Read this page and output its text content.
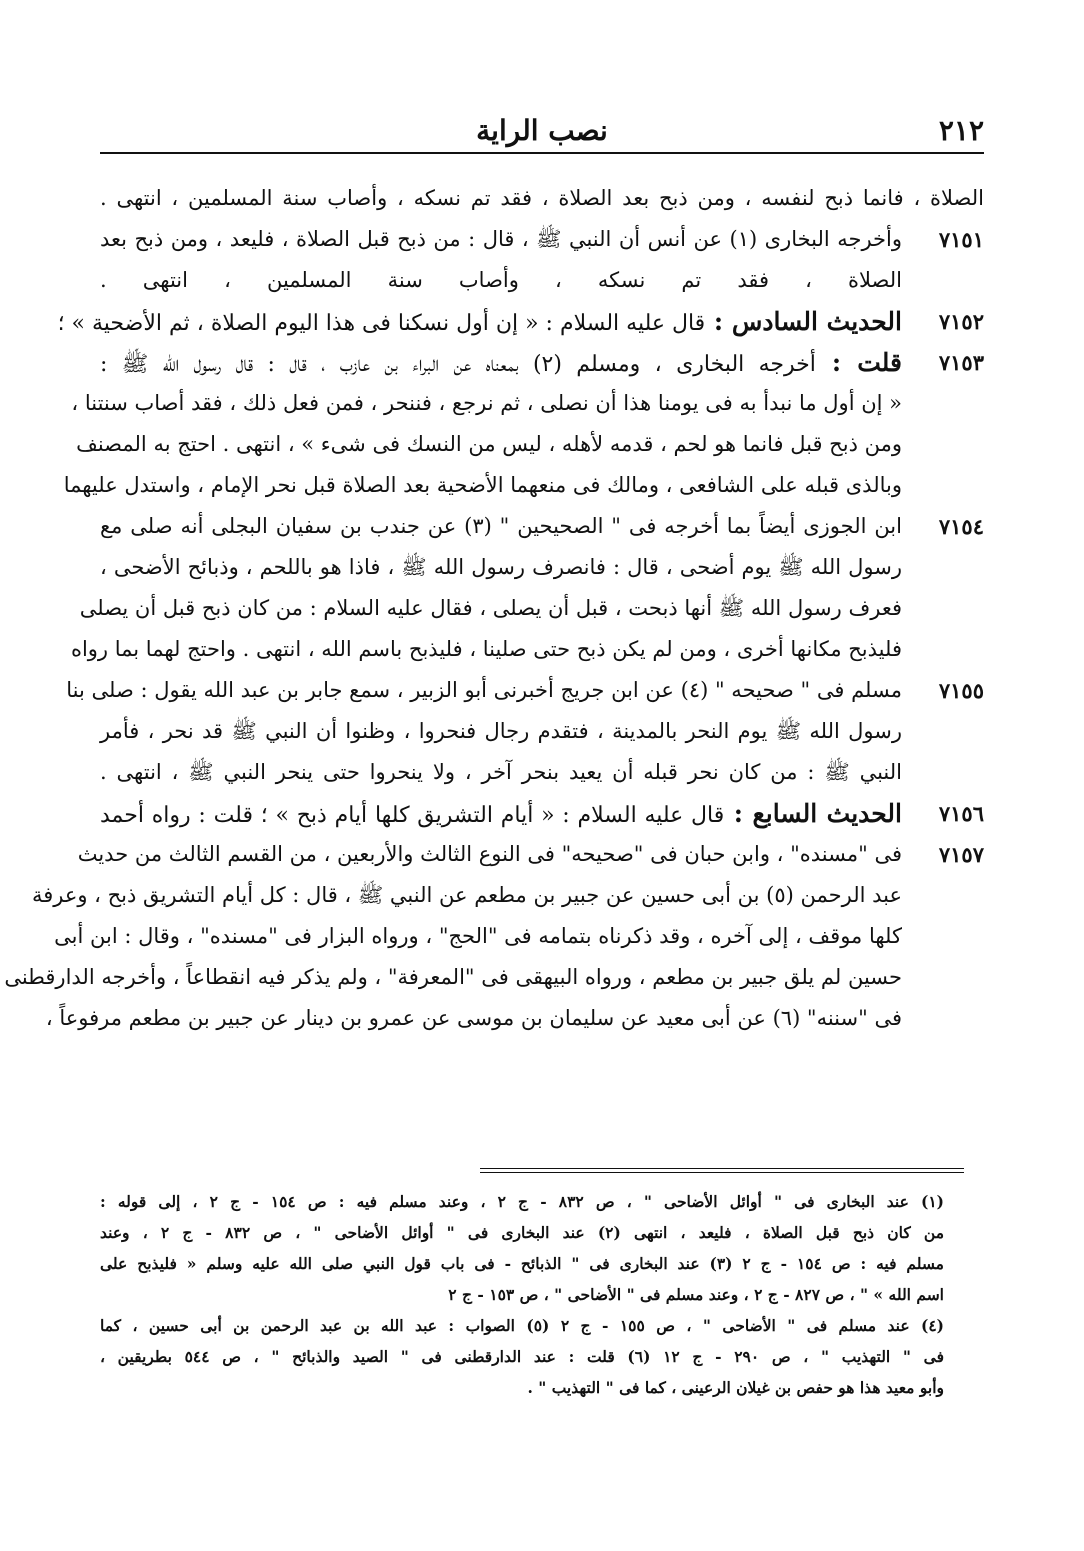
٢١٢
نصب الراية
الصلاة ، فانما ذبح لنفسه ، ومن ذبح بعد الصلاة ، فقد تم نسكه ، وأصاب سنة المسلمين ، انتهى .
٧١٥١
وأخرجه البخارى (١) عن أنس أن النبي ﷺ ، قال : من ذبح قبل الصلاة ، فليعد ، ومن ذبح بعد
الصلاة ، فقد تم نسكه ، وأصاب سنة المسلمين ، انتهى .
٧١٥٢
الحديث السادس : قال عليه السلام : « إن أول نسكنا فى هذا اليوم الصلاة ، ثم الأضحية » ؛
٧١٥٣
قلت : أخرجه البخارى ، ومسلم (٢) بمعناه عن البراء بن عازب ، قال : قال رسول الله ﷺ :
« إن أول ما نبدأ به فى يومنا هذا أن نصلى ، ثم نرجع ، فننحر ، فمن فعل ذلك ، فقد أصاب سنتنا ،
ومن ذبح قبل فانما هو لحم ، قدمه لأهله ، ليس من النسك فى شىء » ، انتهى . احتج به المصنف
وبالذى قبله على الشافعى ، ومالك فى منعهما الأضحية بعد الصلاة قبل نحر الإمام ، واستدل عليهما
٧١٥٤
ابن الجوزى أيضاً بما أخرجه فى " الصحيحين " (٣) عن جندب بن سفيان البجلى أنه صلى مع
رسول الله ﷺ يوم أضحى ، قال : فانصرف رسول الله ﷺ ، فاذا هو باللحم ، وذبائح الأضحى ،
فعرف رسول الله ﷺ أنها ذبحت ، قبل أن يصلى ، فقال عليه السلام : من كان ذبح قبل أن يصلى
فليذبح مكانها أخرى ، ومن لم يكن ذبح حتى صلينا ، فليذبح باسم الله ، انتهى . واحتج لهما بما رواه
٧١٥٥
مسلم فى " صحيحه " (٤) عن ابن جريج أخبرنى أبو الزبير ، سمع جابر بن عبد الله يقول : صلى بنا
رسول الله ﷺ يوم النحر بالمدينة ، فتقدم رجال فنحروا ، وظنوا أن النبي ﷺ قد نحر ، فأمر
النبي ﷺ : من كان نحر قبله أن يعيد بنحر آخر ، ولا ينحروا حتى ينحر النبي ﷺ ، انتهى .
٧١٥٦
الحديث السابع : قال عليه السلام : « أيام التشريق كلها أيام ذبح » ؛ قلت : رواه أحمد
٧١٥٧
فى "مسنده" ، وابن حبان فى "صحيحه" فى النوع الثالث والأربعين ، من القسم الثالث من حديث
عبد الرحمن (٥) بن أبى حسين عن جبير بن مطعم عن النبي ﷺ ، قال : كل أيام التشريق ذبح ، وعرفة
كلها موقف ، إلى آخره ، وقد ذكرناه بتمامه فى "الحج" ، ورواه البزار فى "مسنده" ، وقال : ابن أبى
حسين لم يلق جبير بن مطعم ، ورواه البيهقى فى "المعرفة" ، ولم يذكر فيه انقطاعاً ، وأخرجه الدارقطنى
فى "سننه" (٦) عن أبى معيد عن سليمان بن موسى عن عمرو بن دينار عن جبير بن مطعم مرفوعاً ،
(١) عند البخارى فى " أوائل الأضاحى " ، ص ٨٣٢ - ج ٢ ، وعند مسلم فيه : ص ١٥٤ - ج ٢ ، إلى قوله :
من كان ذبح قبل الصلاة ، فليعد ، انتهى (٢) عند البخارى فى " أوائل الأضاحى " ، ص ٨٣٢ - ج ٢ ، وعند
مسلم فيه : ص ١٥٤ - ج ٢ (٣) عند البخارى فى " الذبائح - فى باب قول النبي صلى الله عليه وسلم « فليذبح على
اسم الله » " ، ص ٨٢٧ - ج ٢ ، وعند مسلم فى " الأضاحى " ، ص ١٥٣ - ج ٢
(٤) عند مسلم فى " الأضاحى " ، ص ١٥٥ - ج ٢ (٥) الصواب : عبد الله بن عبد الرحمن بن أبى حسين ، كما
فى " التهذيب " ، ص ٢٩٠ - ج ١٢ (٦) قلت : عند الدارقطنى فى " الصيد والذبائح " ، ص ٥٤٤ بطريقين ،
وأبو معيد هذا هو حفص بن غيلان الرعينى ، كما فى " التهذيب " .
